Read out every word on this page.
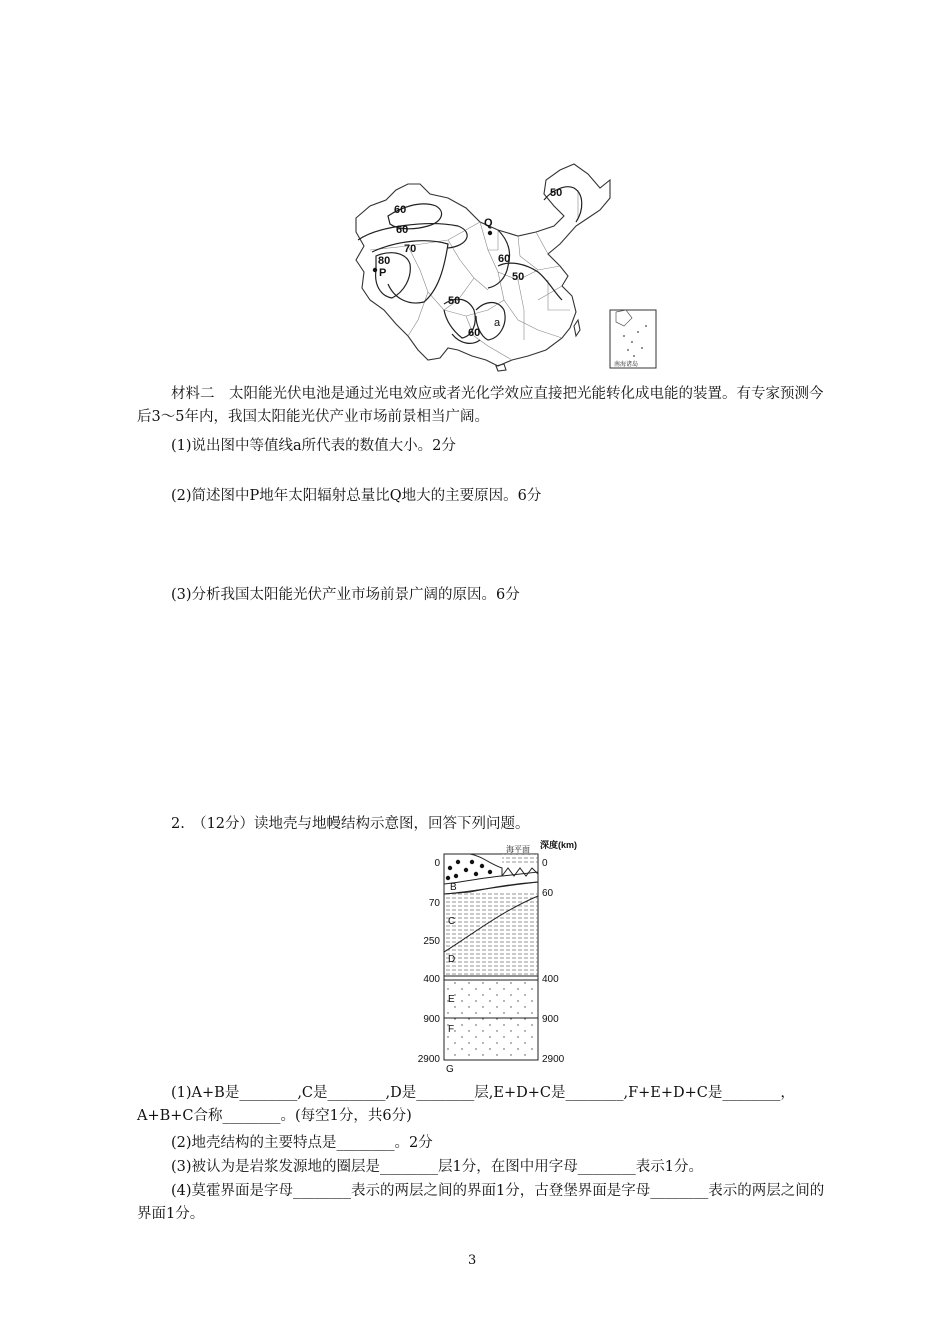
60
60
70
80
P
Q
50
60
50
50
60
a
南海诸岛
材料二　太阳能光伏电池是通过光电效应或者光化学效应直接把光能转化成电能的装置。有专家预测今后3～5年内，我国太阳能光伏产业市场前景相当广阔。
(1)说出图中等值线a所代表的数值大小。2分
(2)简述图中P地年太阳辐射总量比Q地大的主要原因。6分
(3)分析我国太阳能光伏产业市场前景广阔的原因。6分
2.　（12分）读地壳与地幔结构示意图，回答下列问题。
A
B
C
D
E
F
G
海平面 深度(km)
0
70
250
400
900
2900
0
60
400
900
2900
(1)A+B是________,C是________,D是________层,E+D+C是________,F+E+D+C是________，A+B+C合称________。(每空1分，共6分)
(2)地壳结构的主要特点是________。2分
(3)被认为是岩浆发源地的圈层是________层1分，在图中用字母________表示1分。
(4)莫霍界面是字母________表示的两层之间的界面1分，古登堡界面是字母________表示的两层之间的界面1分。
3
